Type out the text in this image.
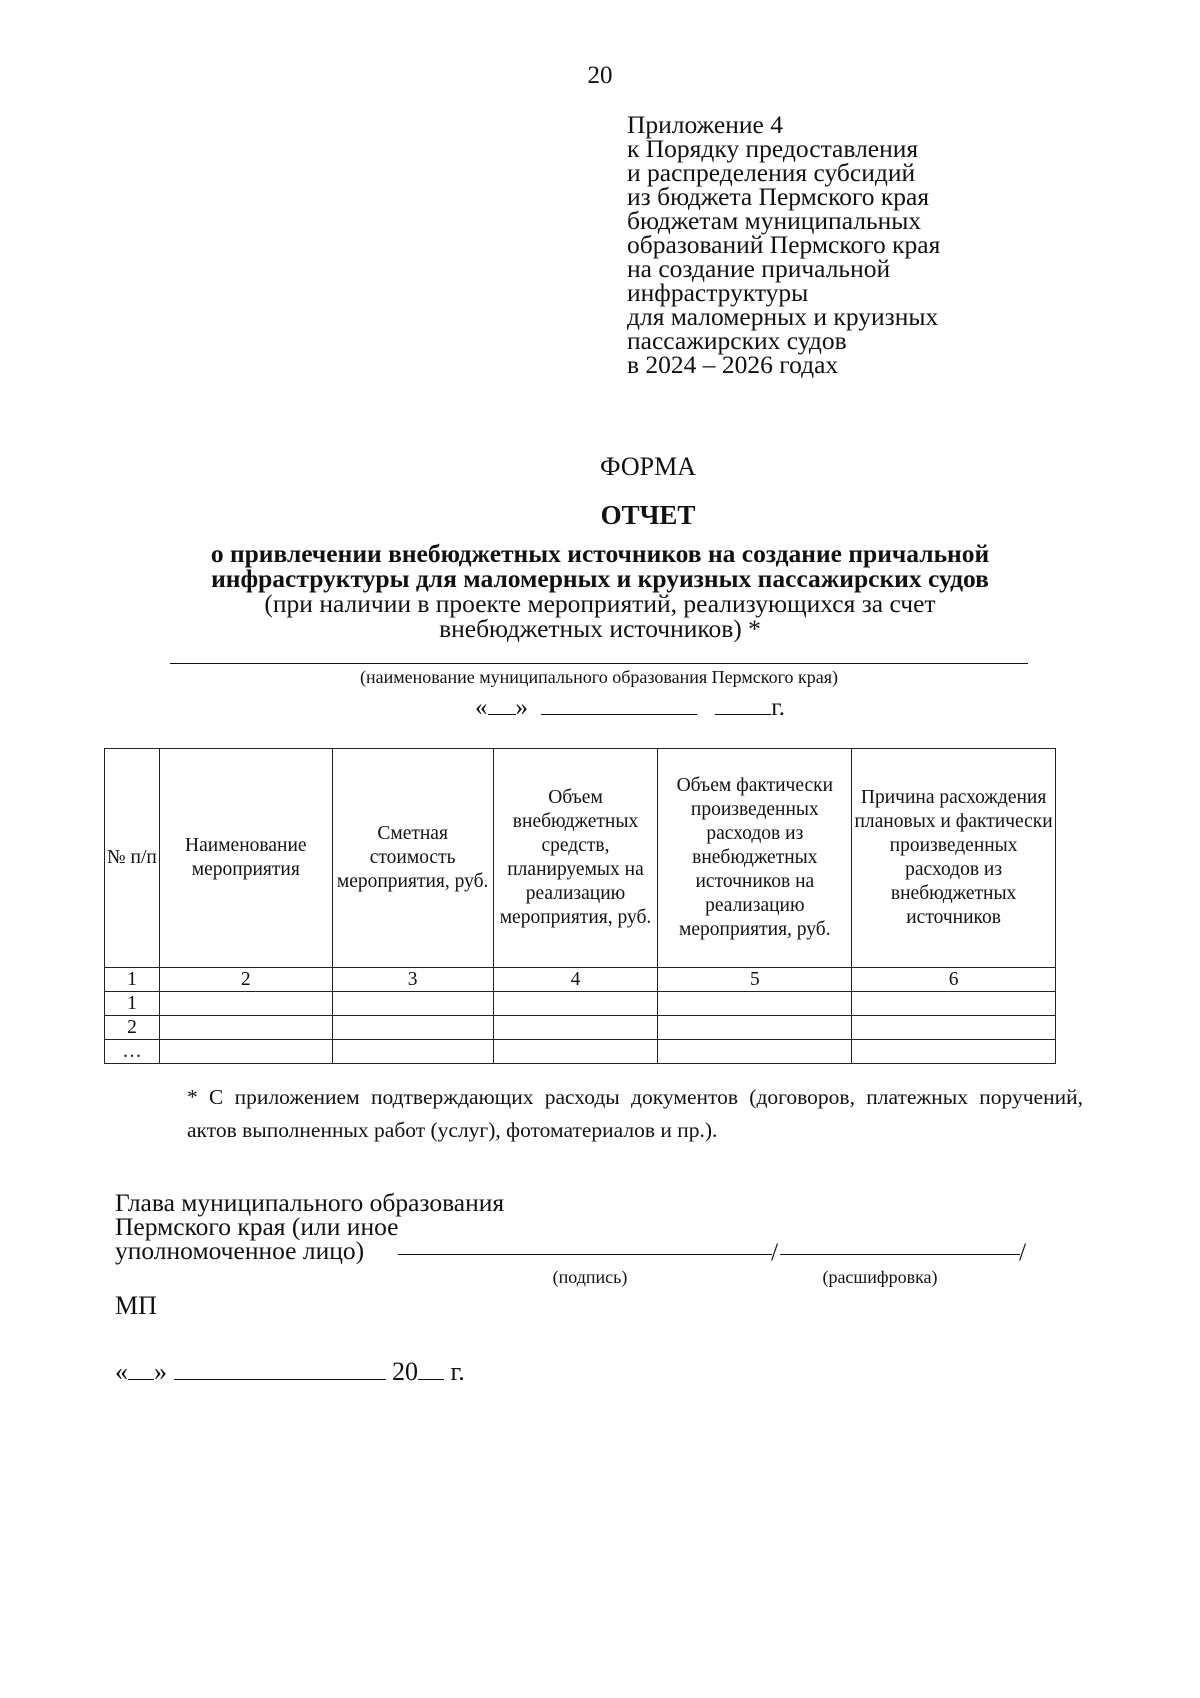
20
Приложение 4
к Порядку предоставления
и распределения субсидий
из бюджета Пермского края
бюджетам муниципальных
образований Пермского края
на создание причальной
инфраструктуры
для маломерных и круизных
пассажирских судов
в 2024 – 2026 годах
ФОРМА
ОТЧЕТ
о привлечении внебюджетных источников на создание причальной
инфраструктуры для маломерных и круизных пассажирских судов
(при наличии в проекте мероприятий, реализующихся за счет
внебюджетных источников) *
(наименование муниципального образования Пермского края)
« »	г.
№ п/п	Наименование мероприятия	Сметная стоимость мероприятия, руб.	Объем внебюджетных средств, планируемых на реализацию мероприятия, руб.	Объем фактически произведенных расходов из внебюджетных источников на реализацию мероприятия, руб.	Причина расхождения плановых и фактически произведенных расходов из внебюджетных источников
1	2	3	4	5	6
1					
2					
…					
* С приложением подтверждающих расходы документов (договоров, платежных поручений, актов выполненных работ (услуг), фотоматериалов и пр.).
Глава муниципального образования
Пермского края (или иное
уполномоченное лицо)	/	/
(подпись)	(расшифровка)
МП
« »	20 г.
